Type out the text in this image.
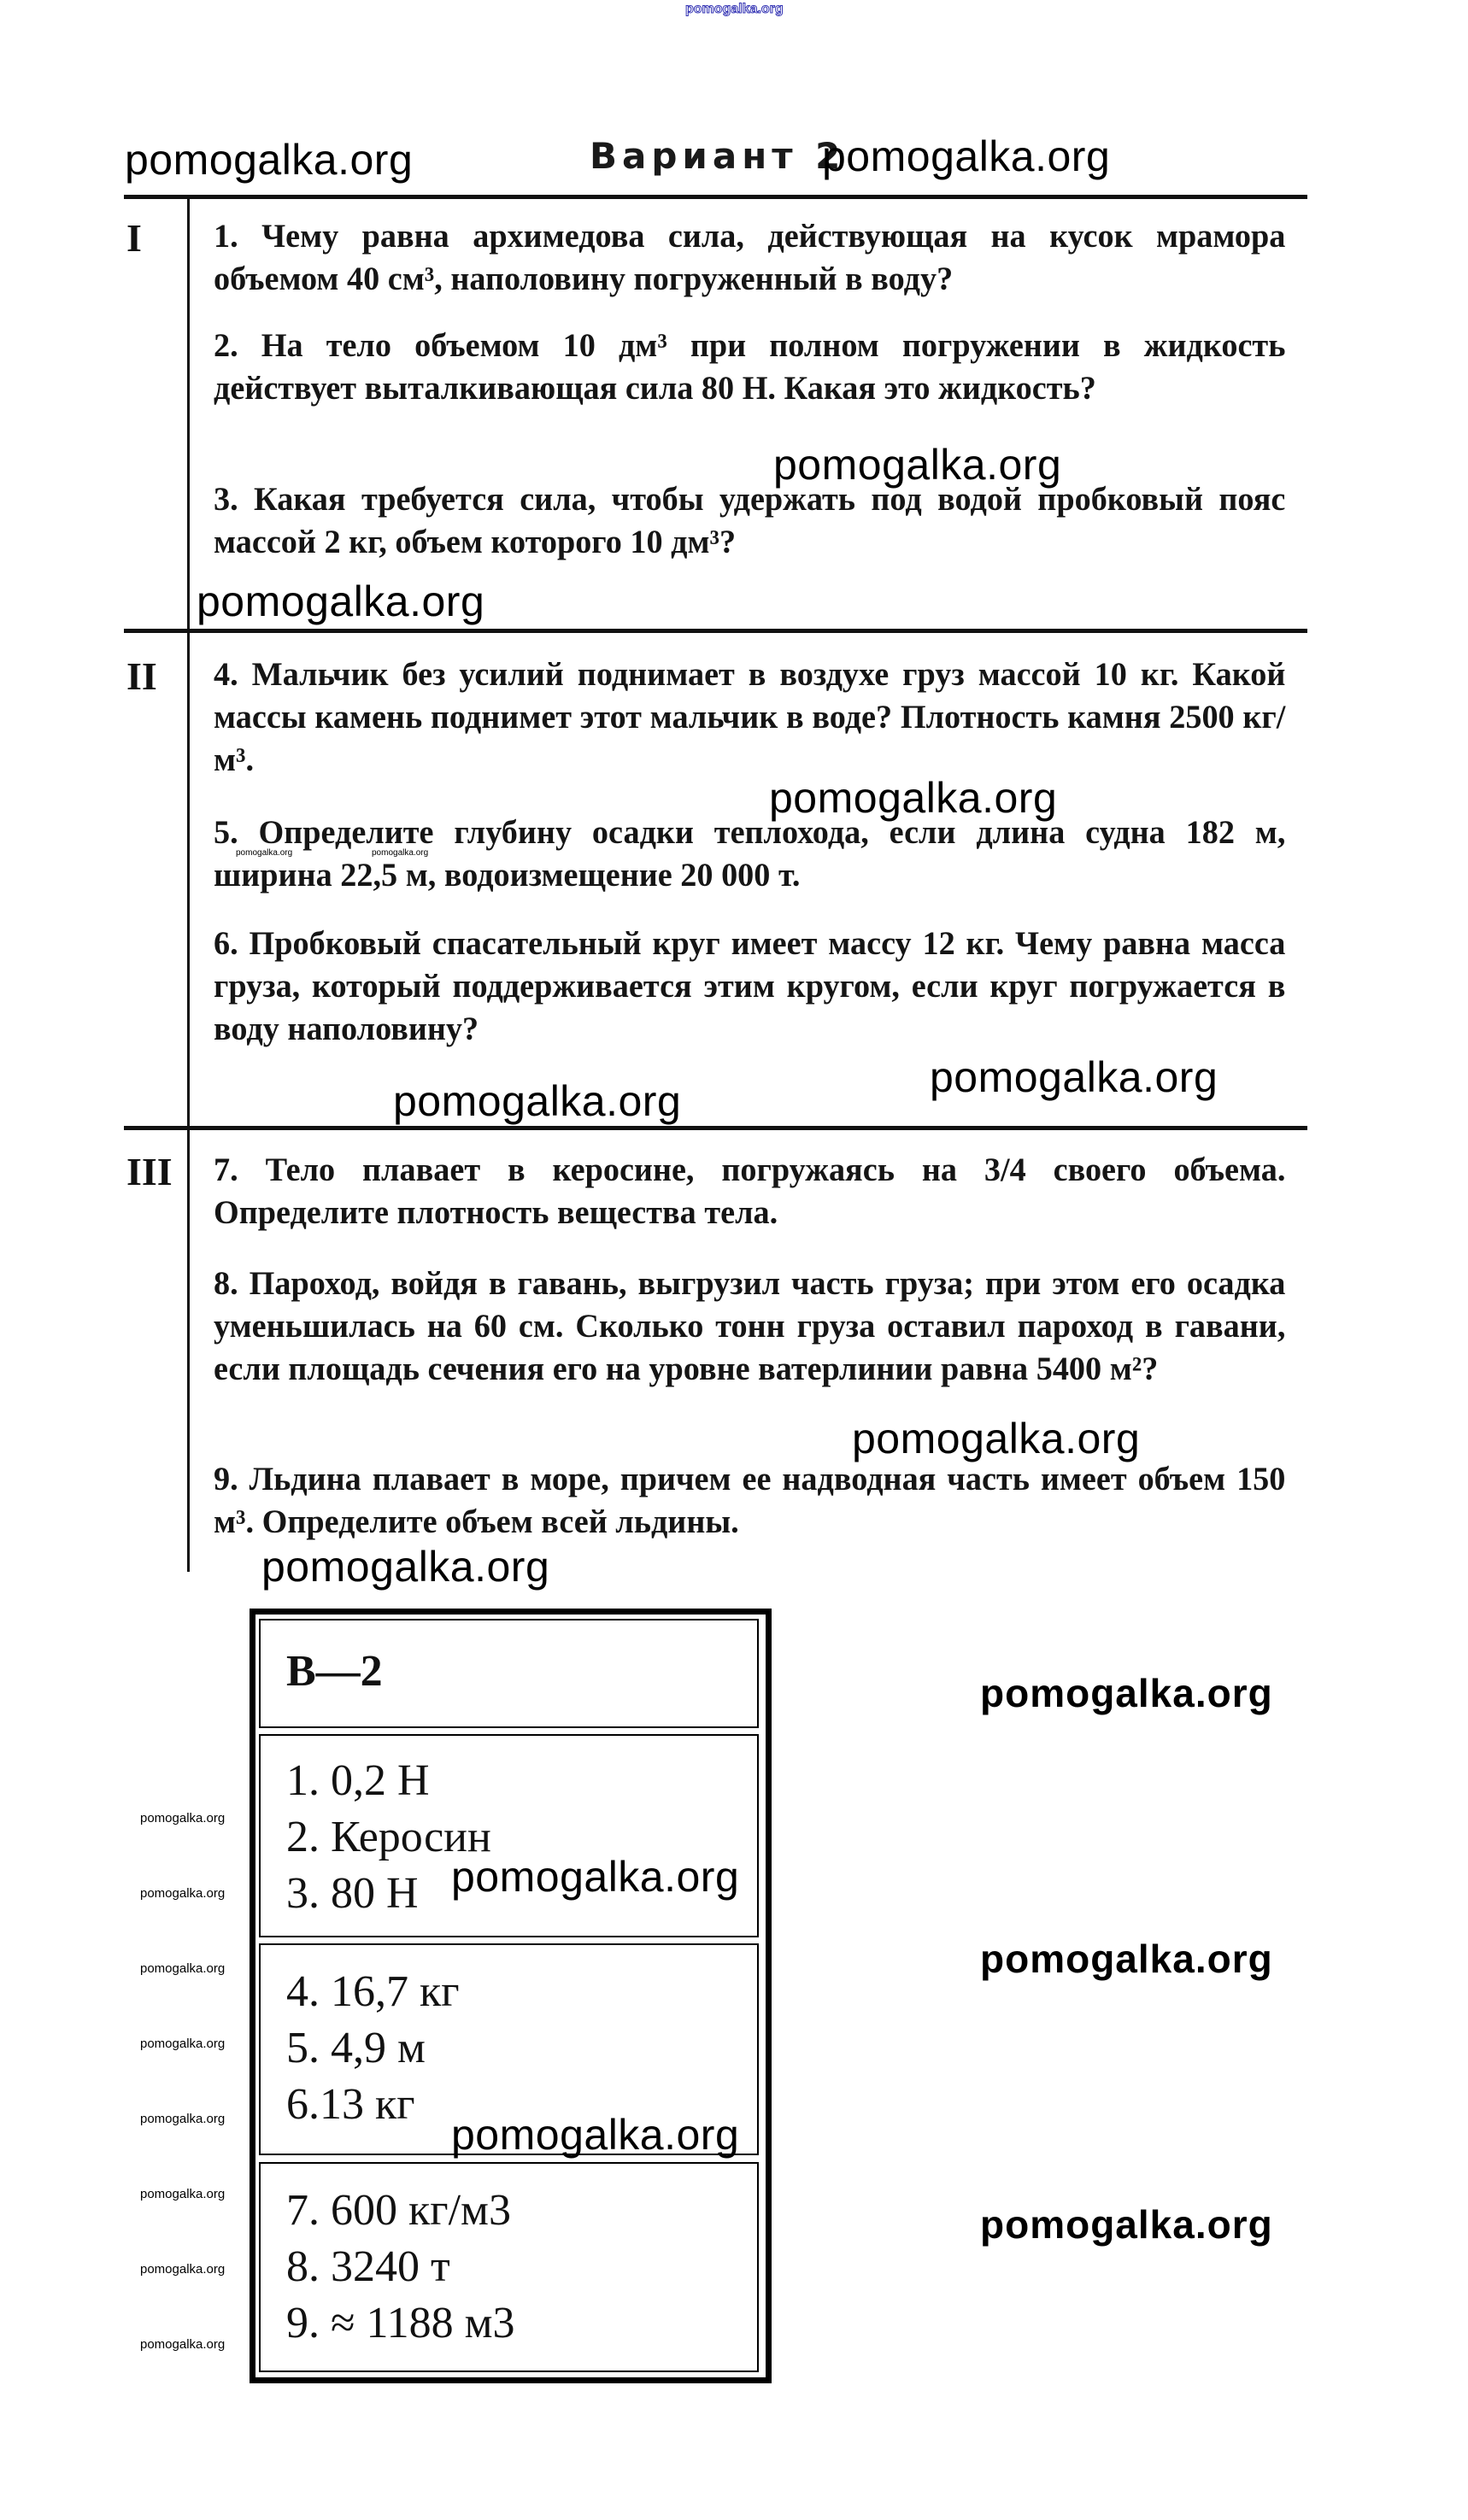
pomogalka.org
pomogalka.org	Вариант 2
pomogalka.org
I 1. Чему равна архимедова сила, действующая на кусок мрамора объемом 40 см³, наполовину погруженный в воду?
2. На тело объемом 10 дм³ при полном погружении в жидкость действует выталкивающая сила 80 Н. Какая это жидкость?
pomogalka.org
3. Какая требуется сила, чтобы удержать под водой пробковый пояс массой 2 кг, объем которого 10 дм³?
pomogalka.org
II 4. Мальчик без усилий поднимает в воздухе груз массой 10 кг. Какой массы камень поднимет этот мальчик в воде? Плотность камня 2500 кг/м³.
pomogalka.org
5. Определите глубину осадки теплохода, если длина судна 182 м, ширина 22,5 м, водоизмещение 20 000 т.
pomogalka.org	pomogalka.org
6. Пробковый спасательный круг имеет массу 12 кг. Чему равна масса груза, который поддерживается этим кругом, если круг погружается в воду наполовину?
pomogalka.org
pomogalka.org
III 7. Тело плавает в керосине, погружаясь на 3/4 своего объема. Определите плотность вещества тела.
8. Пароход, войдя в гавань, выгрузил часть груза; при этом его осадка уменьшилась на 60 см. Сколько тонн груза оставил пароход в гавани, если площадь сечения его на уровне ватерлинии равна 5400 м²?
pomogalka.org
9. Льдина плавает в море, причем ее надводная часть имеет объем 150 м³. Определите объем всей льдины.
pomogalka.org
В—2
1. 0,2 Н
2. Керосин
3. 80 Н
4. 16,7 кг
5. 4,9 м
6.13 кг
7. 600 кг/м3
8. 3240 т
9. ≈ 1188 м3
pomogalka.org
pomogalka.org
pomogalka.org
pomogalka.org
pomogalka.org
pomogalka.org
pomogalka.org
pomogalka.org
pomogalka.org
pomogalka.org
pomogalka.org
pomogalka.org
pomogalka.org
